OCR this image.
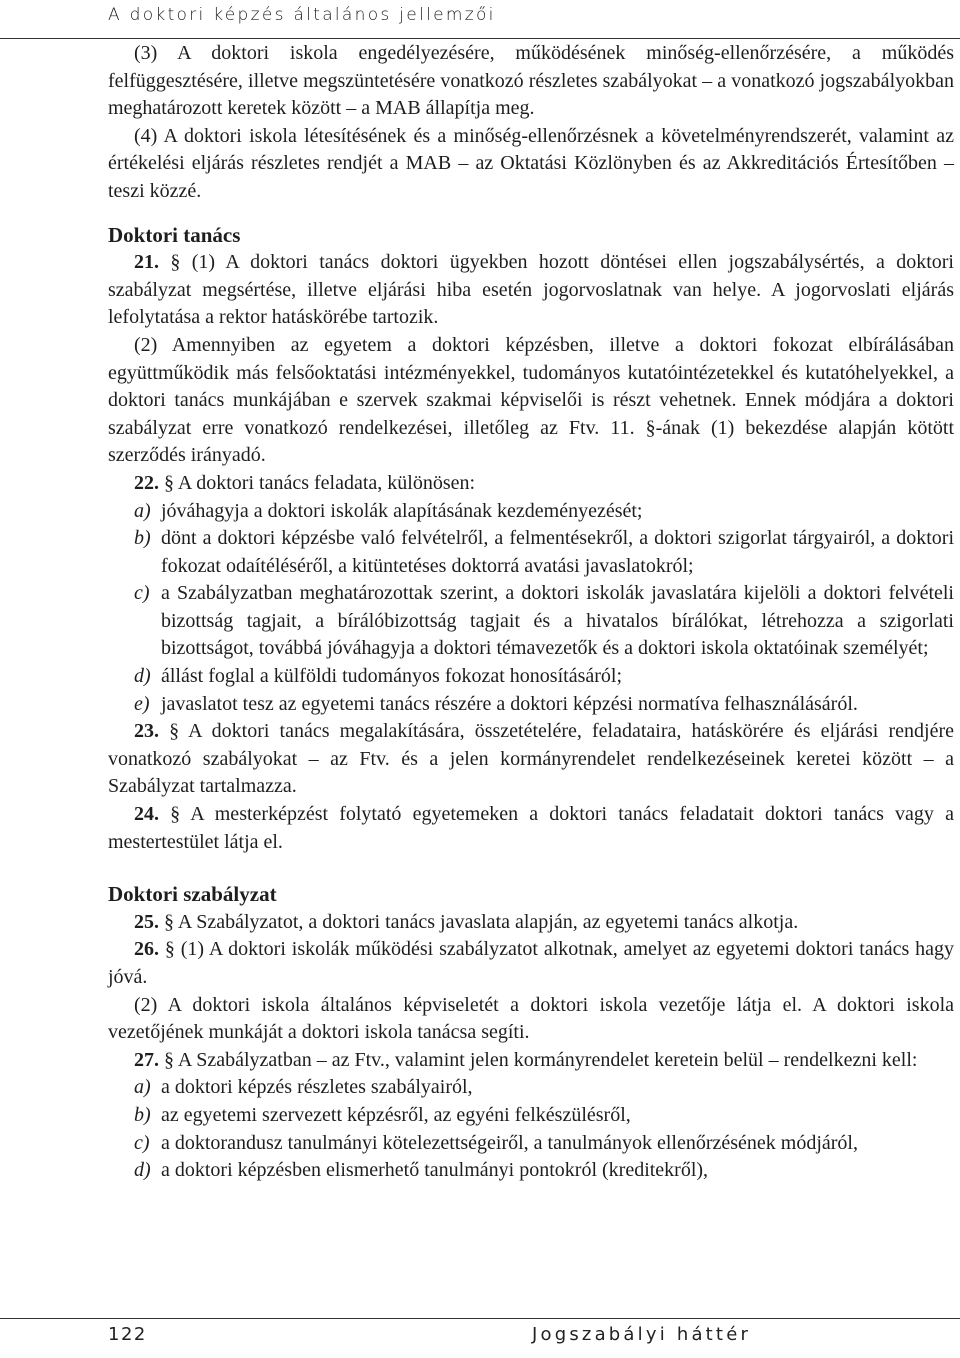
A doktori képzés általános jellemzői

(3) A doktori iskola engedélyezésére, működésének minőség-ellenőrzésére, a működés felfüggesztésére, illetve megszüntetésére vonatkozó részletes szabályokat – a vonatkozó jogszabályokban meghatározott keretek között – a MAB állapítja meg.

(4) A doktori iskola létesítésének és a minőség-ellenőrzésnek a követelményrendszerét, valamint az értékelési eljárás részletes rendjét a MAB – az Oktatási Közlönyben és az Akkreditációs Értesítőben – teszi közzé.

Doktori tanács

21. § (1) A doktori tanács doktori ügyekben hozott döntései ellen jogszabálysértés, a doktori szabályzat megsértése, illetve eljárási hiba esetén jogorvoslatnak van helye. A jogorvoslati eljárás lefolytatása a rektor hatáskörébe tartozik.

(2) Amennyiben az egyetem a doktori képzésben, illetve a doktori fokozat elbírálásában együttműködik más felsőoktatási intézményekkel, tudományos kutatóintézetekkel és kutatóhelyekkel, a doktori tanács munkájában e szervek szakmai képviselői is részt vehetnek. Ennek módjára a doktori szabályzat erre vonatkozó rendelkezései, illetőleg az Ftv. 11. §-ának (1) bekezdése alapján kötött szerződés irányadó.

22. § A doktori tanács feladata, különösen:

a) jóváhagyja a doktori iskolák alapításának kezdeményezését;

b) dönt a doktori képzésbe való felvételről, a felmentésekről, a doktori szigorlat tárgyairól, a doktori fokozat odaítéléséről, a kitüntetéses doktorrá avatási javaslatokról;

c) a Szabályzatban meghatározottak szerint, a doktori iskolák javaslatára kijelöli a doktori felvételi bizottság tagjait, a bírálóbizottság tagjait és a hivatalos bírálókat, létrehozza a szigorlati bizottságot, továbbá jóváhagyja a doktori témavezetők és a doktori iskola oktatóinak személyét;

d) állást foglal a külföldi tudományos fokozat honosításáról;

e) javaslatot tesz az egyetemi tanács részére a doktori képzési normatíva felhasználásáról.

23. § A doktori tanács megalakítására, összetételére, feladataira, hatáskörére és eljárási rendjére vonatkozó szabályokat – az Ftv. és a jelen kormányrendelet rendelkezéseinek keretei között – a Szabályzat tartalmazza.

24. § A mesterképzést folytató egyetemeken a doktori tanács feladatait doktori tanács vagy a mestertestület látja el.

Doktori szabályzat

25. § A Szabályzatot, a doktori tanács javaslata alapján, az egyetemi tanács alkotja.

26. § (1) A doktori iskolák működési szabályzatot alkotnak, amelyet az egyetemi doktori tanács hagy jóvá.

(2) A doktori iskola általános képviseletét a doktori iskola vezetője látja el. A doktori iskola vezetőjének munkáját a doktori iskola tanácsa segíti.

27. § A Szabályzatban – az Ftv., valamint jelen kormányrendelet keretein belül – rendelkezni kell:

a) a doktori képzés részletes szabályairól,

b) az egyetemi szervezett képzésről, az egyéni felkészülésről,

c) a doktorandusz tanulmányi kötelezettségeiről, a tanulmányok ellenőrzésének módjáról,

d) a doktori képzésben elismerhető tanulmányi pontokról (kreditekről),

122	Jogszabályi háttér
